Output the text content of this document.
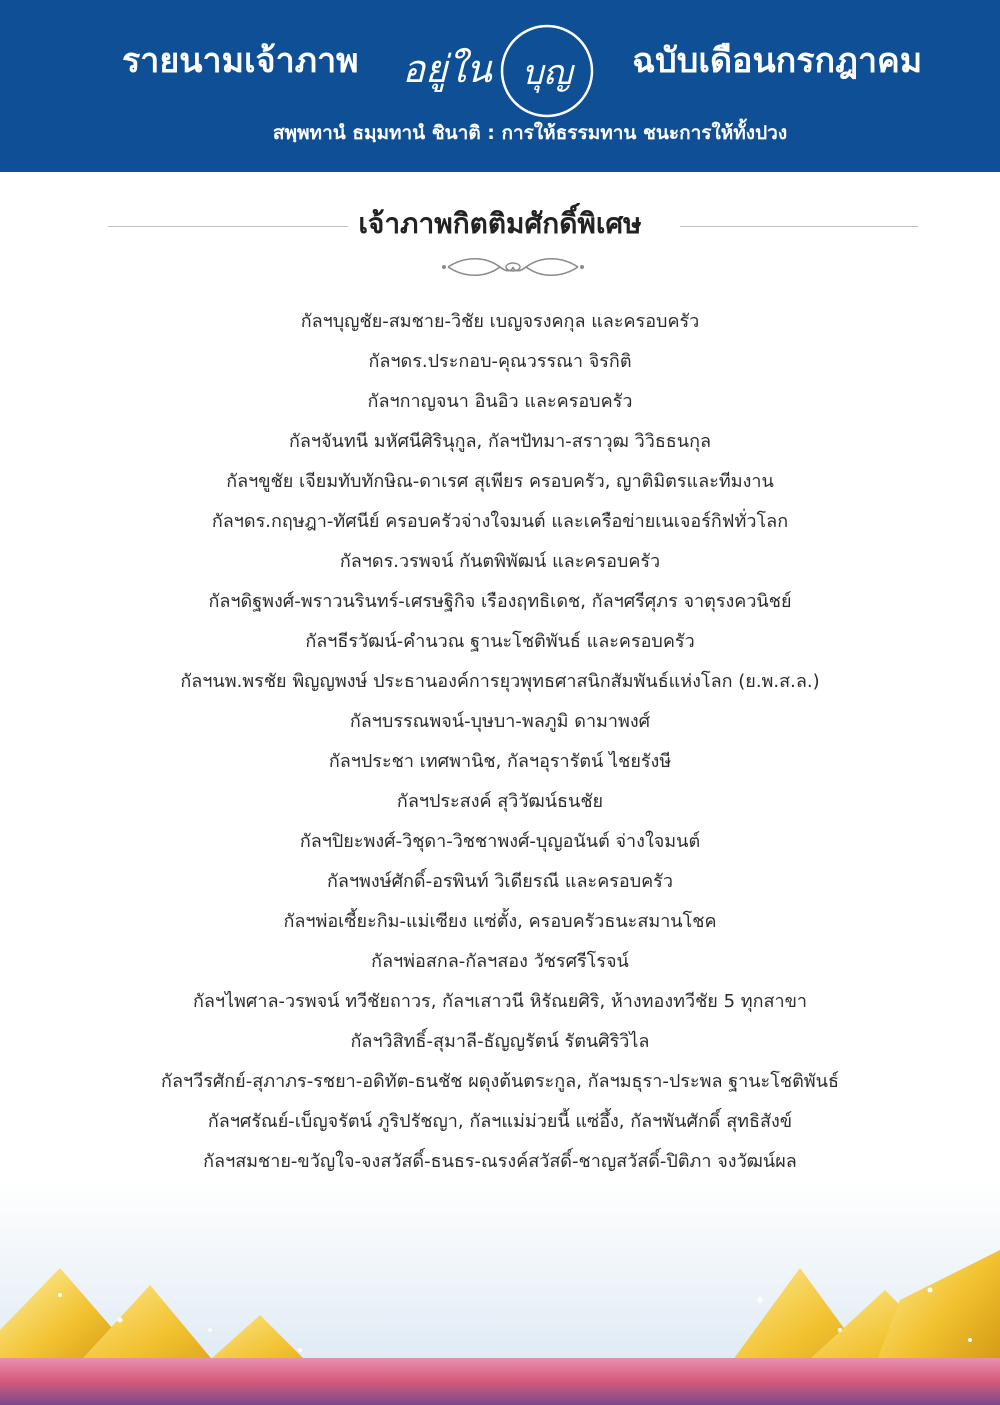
รายนามเจ้าภาพ อยู่ใน บุญ ฉบับเดือนกรกฎาคม
สพฺพทานํ ธมฺมทานํ ชินาติ : การให้ธรรมทาน ชนะการให้ทั้งปวง
เจ้าภาพกิตติมศักดิ์พิเศษ
กัลฯบุญชัย-สมชาย-วิชัย เบญจรงคกุล และครอบครัว
กัลฯดร.ประกอบ-คุณวรรณา จิรกิติ
กัลฯกาญจนา อินอิว และครอบครัว
กัลฯจันทนี มหัศนีศิรินุกูล, กัลฯปัทมา-สราวุฒ วิวิธธนกุล
กัลฯขูชัย เจียมทับทักษิณ-ดาเรศ สุเพียร ครอบครัว, ญาติมิตรและทีมงาน
กัลฯดร.กฤษฎา-ทัศนีย์ ครอบครัวจ่างใจมนต์ และเครือข่ายเนเจอร์กิฟทั่วโลก
กัลฯดร.วรพจน์ กันตพิพัฒน์ และครอบครัว
กัลฯดิฐพงศ์-พราวนรินทร์-เศรษฐิกิจ เรืองฤทธิเดช, กัลฯศรีศุภร จาตุรงควนิชย์
กัลฯธีรวัฒน์-คำนวณ ฐานะโชติพันธ์ และครอบครัว
กัลฯนพ.พรชัย พิญญพงษ์ ประธานองค์การยุวพุทธศาสนิกสัมพันธ์แห่งโลก (ย.พ.ส.ล.)
กัลฯบรรณพจน์-บุษบา-พลภูมิ ดามาพงศ์
กัลฯประชา เทศพานิช, กัลฯอุรารัตน์ ไชยรังษี
กัลฯประสงค์ สุวิวัฒน์ธนชัย
กัลฯปิยะพงศ์-วิชุดา-วิชชาพงศ์-บุญอนันต์ จ่างใจมนต์
กัลฯพงษ์ศักดิ์-อรพินท์ วิเดียรณี และครอบครัว
กัลฯพ่อเซี้ยะกิม-แม่เซียง แซ่ตั้ง, ครอบครัวธนะสมานโชค
กัลฯพ่อสกล-กัลฯสอง วัชรศรีโรจน์
กัลฯไพศาล-วรพจน์ ทวีชัยถาวร, กัลฯเสาวนี หิรัณยศิริ, ห้างทองทวีชัย 5 ทุกสาขา
กัลฯวิสิทธิ์-สุมาลี-ธัญญรัตน์ รัตนศิริวิไล
กัลฯวีรศักย์-สุภาภร-รชยา-อดิทัต-ธนชัช ผดุงต้นตระกูล, กัลฯมธุรา-ประพล ฐานะโชติพันธ์
กัลฯศรัณย์-เบ็ญจรัตน์ ภูริปรัชญา, กัลฯแม่ม่วยนี้ แซ่อึ้ง, กัลฯพันศักดิ์ สุทธิสังข์
กัลฯสมชาย-ขวัญใจ-จงสวัสดิ์-ธนธร-ณรงค์สวัสดิ์-ชาญสวัสดิ์-ปิติภา จงวัฒน์ผล
